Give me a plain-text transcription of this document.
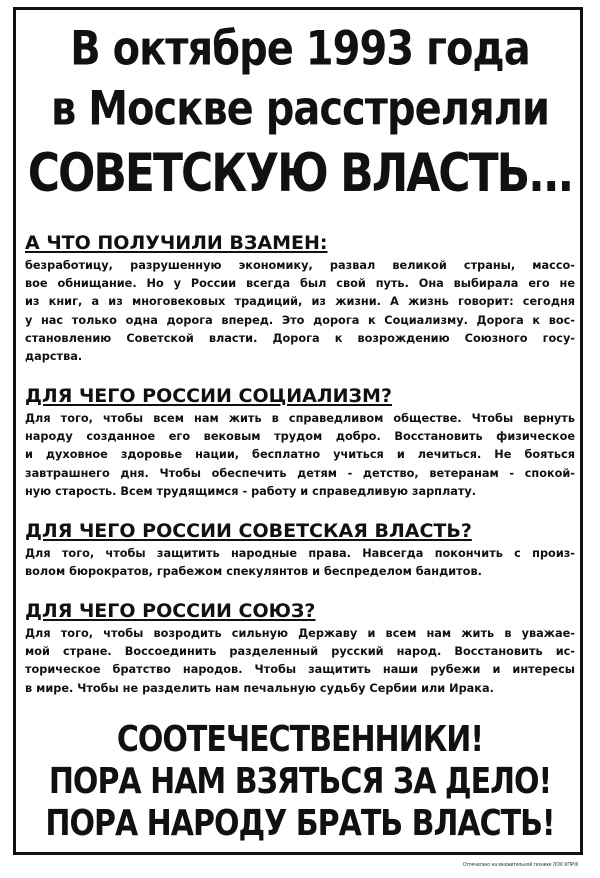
В октябре 1993 года
в Москве расстреляли
СОВЕТСКУЮ ВЛАСТЬ...
А ЧТО ПОЛУЧИЛИ ВЗАМЕН:
безработицу, разрушенную экономику, развал великой страны, массо-
вое обнищание. Но у России всегда был свой путь. Она выбирала его не
из книг, а из многовековых традиций, из жизни. А жизнь говорит: сегодня
у нас только одна дорога вперед. Это дорога к Социализму. Дорога к вос-
становлению Советской власти. Дорога к возрождению Союзного госу-
дарства.
ДЛЯ ЧЕГО РОССИИ СОЦИАЛИЗМ?
Для того, чтобы всем нам жить в справедливом обществе. Чтобы вернуть
народу созданное его вековым трудом добро. Восстановить физическое
и духовное здоровье нации, бесплатно учиться и лечиться. Не бояться
завтрашнего дня. Чтобы обеспечить детям - детство, ветеранам - спокой-
ную старость. Всем трудящимся - работу и справедливую зарплату.
ДЛЯ ЧЕГО РОССИИ СОВЕТСКАЯ ВЛАСТЬ?
Для того, чтобы защитить народные права. Навсегда покончить с произ-
волом бюрократов, грабежом спекулянтов и беспределом бандитов.
ДЛЯ ЧЕГО РОССИИ СОЮЗ?
Для того, чтобы возродить сильную Державу и всем нам жить в уважае-
мой стране. Воссоединить разделенный русский народ. Восстановить ис-
торическое братство народов. Чтобы защитить наши рубежи и интересы
в мире. Чтобы не разделить нам печальную судьбу Сербии или Ирака.
СООТЕЧЕСТВЕННИКИ!
ПОРА НАМ ВЗЯТЬСЯ ЗА ДЕЛО!
ПОРА НАРОДУ БРАТЬ ВЛАСТЬ!
Отпечатано на множительной технике ЛОК КПРФ
